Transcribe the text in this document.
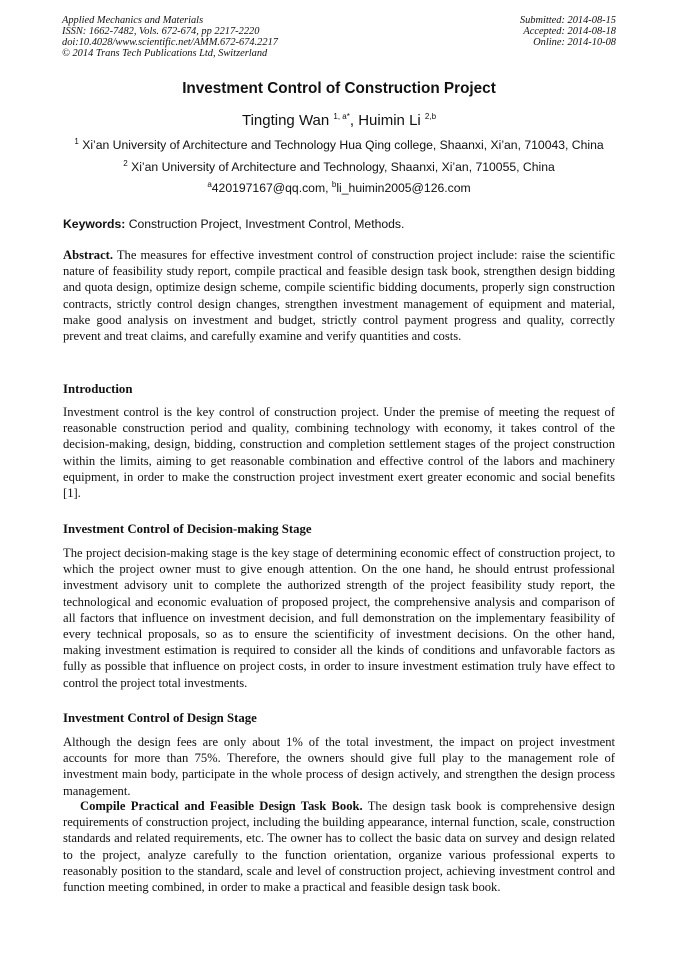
Applied Mechanics and Materials
ISSN: 1662-7482, Vols. 672-674, pp 2217-2220
doi:10.4028/www.scientific.net/AMM.672-674.2217
© 2014 Trans Tech Publications Ltd, Switzerland
Submitted: 2014-08-15
Accepted: 2014-08-18
Online: 2014-10-08
Investment Control of Construction Project
Tingting Wan $^{1, a*}$, Huimin Li $^{2,b}$
$^1$ Xi’an University of Architecture and Technology Hua Qing college, Shaanxi, Xi’an, 710043, China
$^2$ Xi’an University of Architecture and Technology, Shaanxi, Xi’an, 710055, China
$^a$420197167@qq.com, $^b$li_huimin2005@126.com
Keywords: Construction Project, Investment Control, Methods.

Abstract. The measures for effective investment control of construction project include: raise the scientific nature of feasibility study report, compile practical and feasible design task book, strengthen design bidding and quota design, optimize design scheme, compile scientific bidding documents, properly sign construction contracts, strictly control design changes, strengthen investment management of equipment and material, make good analysis on investment and budget, strictly control payment progress and quality, correctly prevent and treat claims, and carefully examine and verify quantities and costs.

Introduction

Investment control is the key control of construction project. Under the premise of meeting the request of reasonable construction period and quality, combining technology with economy, it takes control of the decision-making, design, bidding, construction and completion settlement stages of the project construction within the limits, aiming to get reasonable combination and effective control of the labors and machinery equipment, in order to make the construction project investment exert greater economic and social benefits [1].

Investment Control of Decision-making Stage

The project decision-making stage is the key stage of determining economic effect of construction project, to which the project owner must to give enough attention. On the one hand, he should entrust professional investment advisory unit to complete the authorized strength of the project feasibility study report, the technological and economic evaluation of proposed project, the comprehensive analysis and comparison of all factors that influence on investment decision, and full demonstration on the implementary feasibility of every technical proposals, so as to ensure the scientificity of investment decisions. On the other hand, making investment estimation is required to consider all the kinds of conditions and unfavorable factors as fully as possible that influence on project costs, in order to insure investment estimation truly have effect to control the project total investments.

Investment Control of Design Stage

Although the design fees are only about 1% of the total investment, the impact on project investment accounts for more than 75%. Therefore, the owners should give full play to the management role of investment main body, participate in the whole process of design actively, and strengthen the design process management.

Compile Practical and Feasible Design Task Book. The design task book is comprehensive design requirements of construction project, including the building appearance, internal function, scale, construction standards and related requirements, etc. The owner has to collect the basic data on survey and design related to the project, analyze carefully to the function orientation, organize various professional experts to reasonably position to the standard, scale and level of construction project, achieving investment control and function meeting combined, in order to make a practical and feasible design task book.
